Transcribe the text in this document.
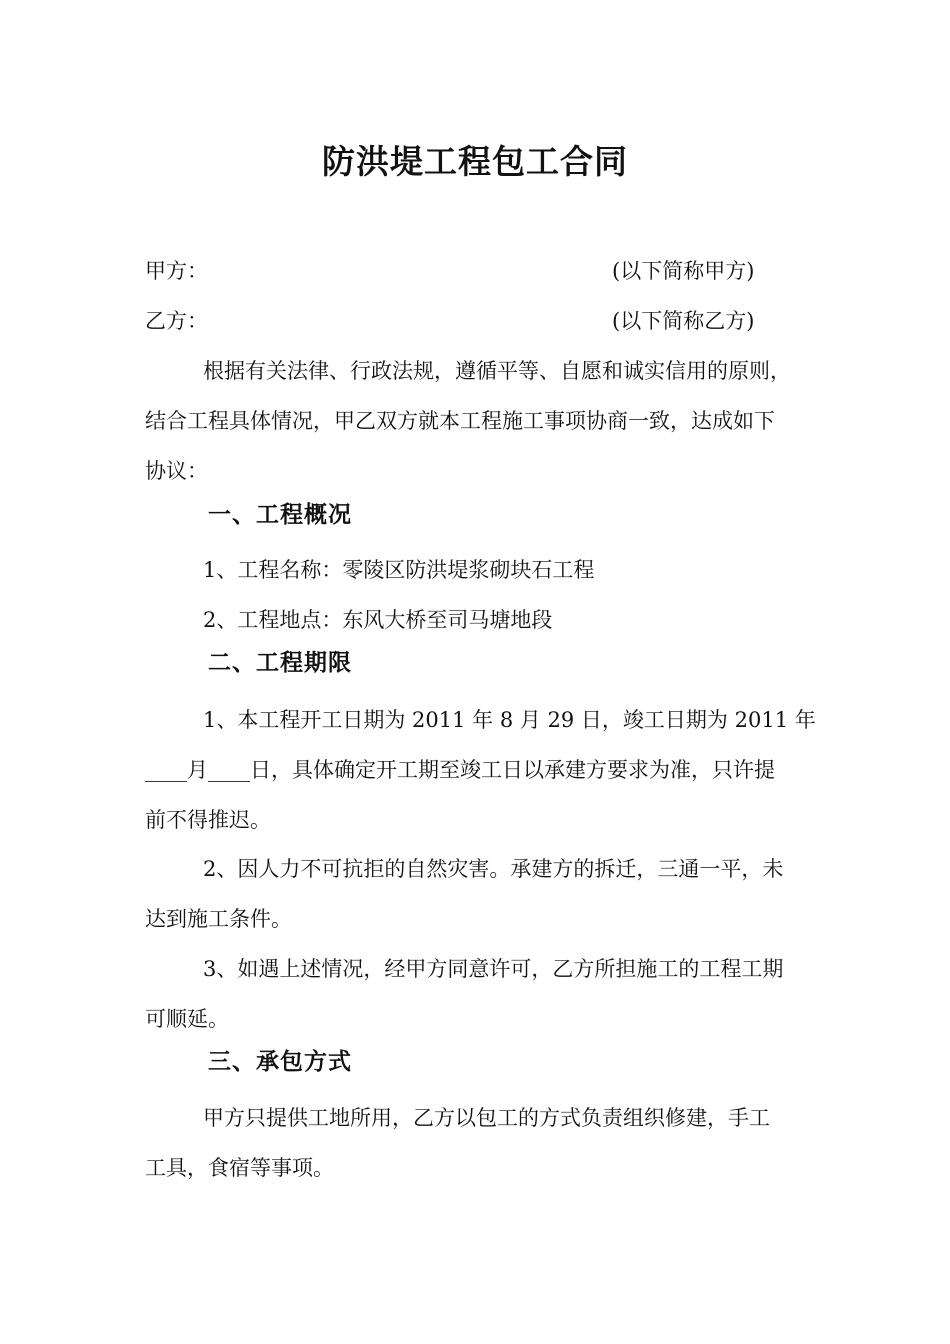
防洪堤工程包工合同
甲方：	(以下简称甲方)
乙方：	(以下简称乙方)
根据有关法律、行政法规，遵循平等、自愿和诚实信用的原则，
结合工程具体情况，甲乙双方就本工程施工事项协商一致，达成如下
协议：
一、工程概况
1、工程名称：零陵区防洪堤浆砌块石工程
2、工程地点：东风大桥至司马塘地段
二、工程期限
1、本工程开工日期为 2011 年 8 月 29 日，竣工日期为 2011 年
____月____日，具体确定开工期至竣工日以承建方要求为准，只许提
前不得推迟。
2、因人力不可抗拒的自然灾害。承建方的拆迁，三通一平，未
达到施工条件。
3、如遇上述情况，经甲方同意许可，乙方所担施工的工程工期
可顺延。
三、承包方式
甲方只提供工地所用，乙方以包工的方式负责组织修建，手工
工具，食宿等事项。
